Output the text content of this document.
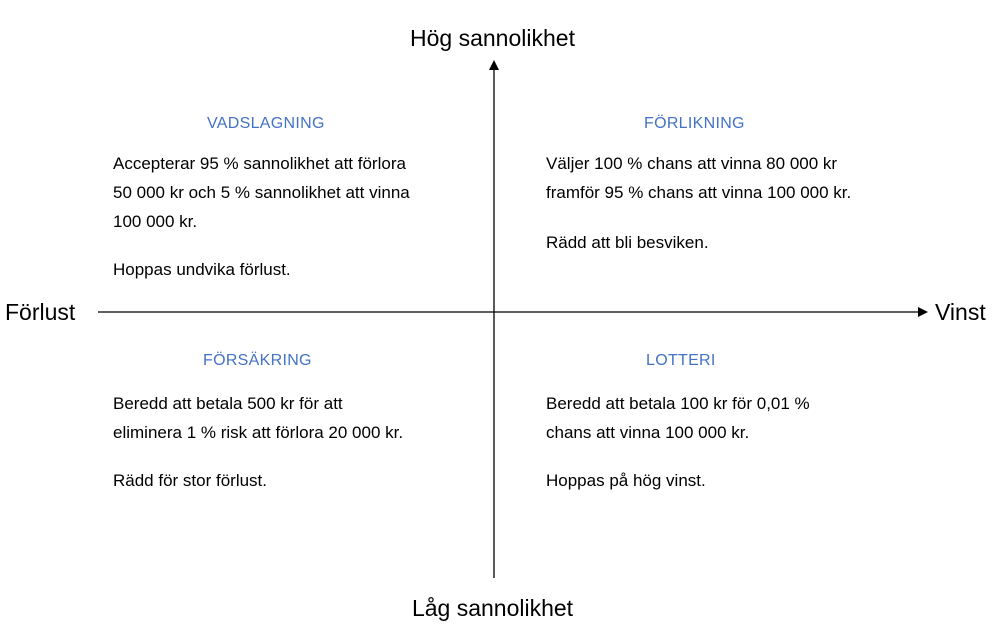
Hög sannolikhet
Låg sannolikhet
Förlust	Vinst
VADSLAGNING
Accepterar 95 % sannolikhet att förlora
50 000 kr och 5 % sannolikhet att vinna
100 000 kr.
Hoppas undvika förlust.
FÖRLIKNING
Väljer 100 % chans att vinna 80 000 kr
framför 95 % chans att vinna 100 000 kr.
Rädd att bli besviken.
FÖRSÄKRING
Beredd att betala 500 kr för att
eliminera 1 % risk att förlora 20 000 kr.
Rädd för stor förlust.
LOTTERI
Beredd att betala 100 kr för 0,01 %
chans att vinna 100 000 kr.
Hoppas på hög vinst.
